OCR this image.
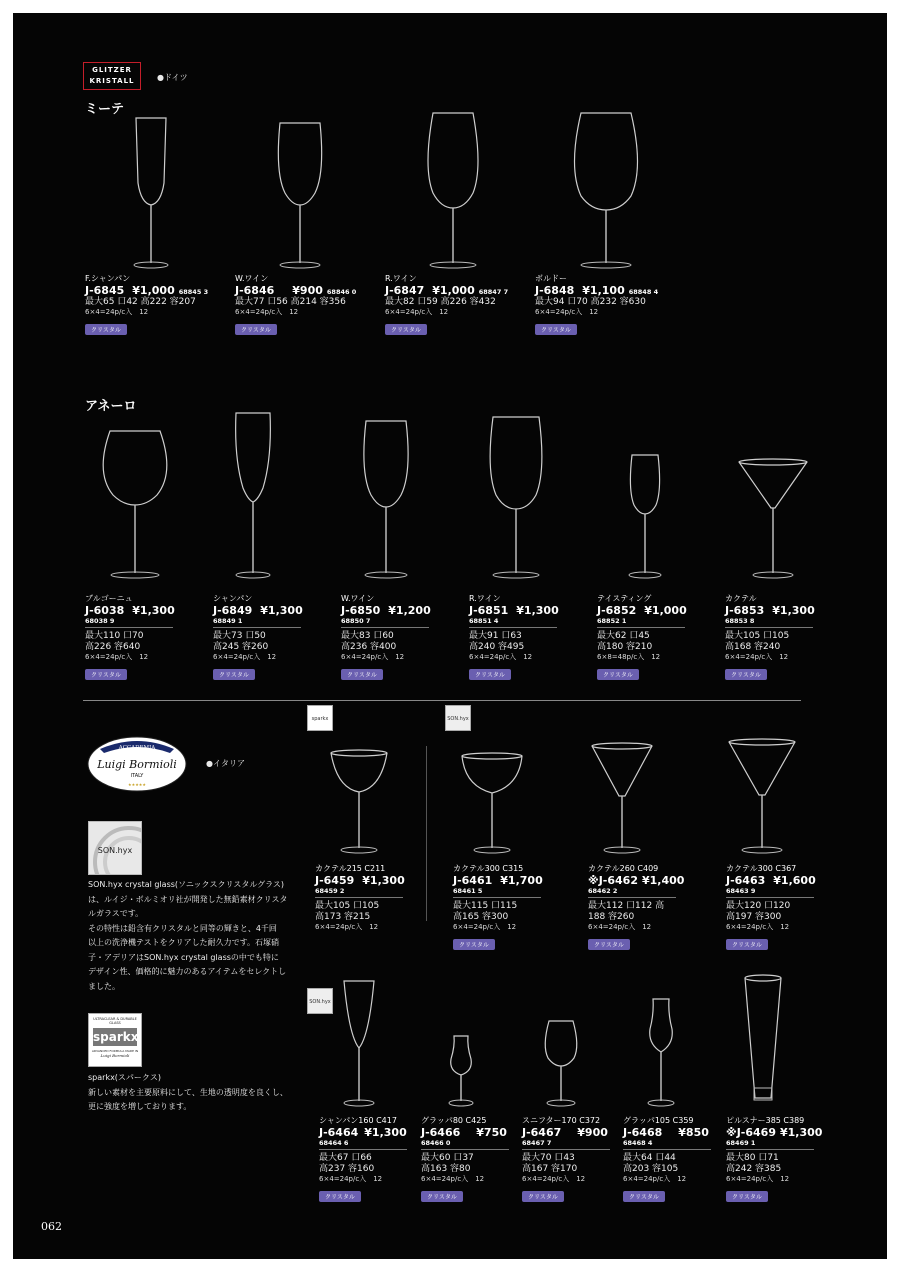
GLITZER
KRISTALL	●ドイツ
ミーテ
F.シャンパン
J-6845 ¥1,000 68845 3
最大65 口42 高222 容207
6×4=24p/c入　12
クリスタル
W.ワイン
J-6846 ¥900 68846 0
最大77 口56 高214 容356
6×4=24p/c入　12
クリスタル
R.ワイン
J-6847 ¥1,000 68847 7
最大82 口59 高226 容432
6×4=24p/c入　12
クリスタル
ボルドー
J-6848 ¥1,100 68848 4
最大94 口70 高232 容630
6×4=24p/c入　12
クリスタル
アネーロ
ブルゴーニュ
J-6038 ¥1,300
68038 9
最大110 口70
高226 容640
6×4=24p/c入　12
クリスタル
シャンパン
J-6849 ¥1,300
68849 1
最大73 口50
高245 容260
6×4=24p/c入　12
クリスタル
W.ワイン
J-6850 ¥1,200
68850 7
最大83 口60
高236 容400
6×4=24p/c入　12
クリスタル
R.ワイン
J-6851 ¥1,300
68851 4
最大91 口63
高240 容495
6×4=24p/c入　12
クリスタル
テイスティング
J-6852 ¥1,000
68852 1
最大62 口45
高180 容210
6×8=48p/c入　12
クリスタル
カクテル
J-6853 ¥1,300
68853 8
最大105 口105
高168 容240
6×4=24p/c入　12
クリスタル
ACCADEMIA
Luigi Bormioli
ITALY
★★★★★
●イタリア
SON.hyx
SON.hyx crystal glass(ソニックスクリスタルグラス)
は、ルイジ・ボルミオリ社が開発した無鉛素材クリスタ
ルガラスです。
その特性は鉛含有クリスタルと同等の輝きと、4千回
以上の洗浄機テストをクリアした耐久力です。石塚硝
子・アデリアはSON.hyx crystal glassの中でも特に
デザイン性、価格的に魅力のあるアイテムをセレクトし
ました。
ULTRACLEAR & DURABLE GLASS
sparkx
ADVANCED FORMULA MADE IN
Luigi Bormioli
sparkx(スパークス)
新しい素材を主要原料にして、生地の透明度を良くし、
更に強度を増しております。
sparkx	SON.hyx
SON.hyx
カクテル215 C211
J-6459 ¥1,300
68459 2
最大105 口105
高173 容215
6×4=24p/c入　12
カクテル300 C315
J-6461 ¥1,700
68461 5
最大115 口115
高165 容300
6×4=24p/c入　12
クリスタル
カクテル260 C409
※J-6462 ¥1,400
68462 2
最大112 口112 高
188 容260
6×4=24p/c入　12
クリスタル
カクテル300 C367
J-6463 ¥1,600
68463 9
最大120 口120
高197 容300
6×4=24p/c入　12
クリスタル
シャンパン160 C417
J-6464 ¥1,300
68464 6
最大67 口66
高237 容160
6×4=24p/c入　12
クリスタル
グラッパ80 C425
J-6466 ¥750
68466 0
最大60 口37
高163 容80
6×4=24p/c入　12
クリスタル
スニフター170 C372
J-6467 ¥900
68467 7
最大70 口43
高167 容170
6×4=24p/c入　12
クリスタル
グラッパ105 C359
J-6468 ¥850
68468 4
最大64 口44
高203 容105
6×4=24p/c入　12
クリスタル
ピルスナー385 C389
※J-6469 ¥1,300
68469 1
最大80 口71
高242 容385
6×4=24p/c入　12
クリスタル
062
